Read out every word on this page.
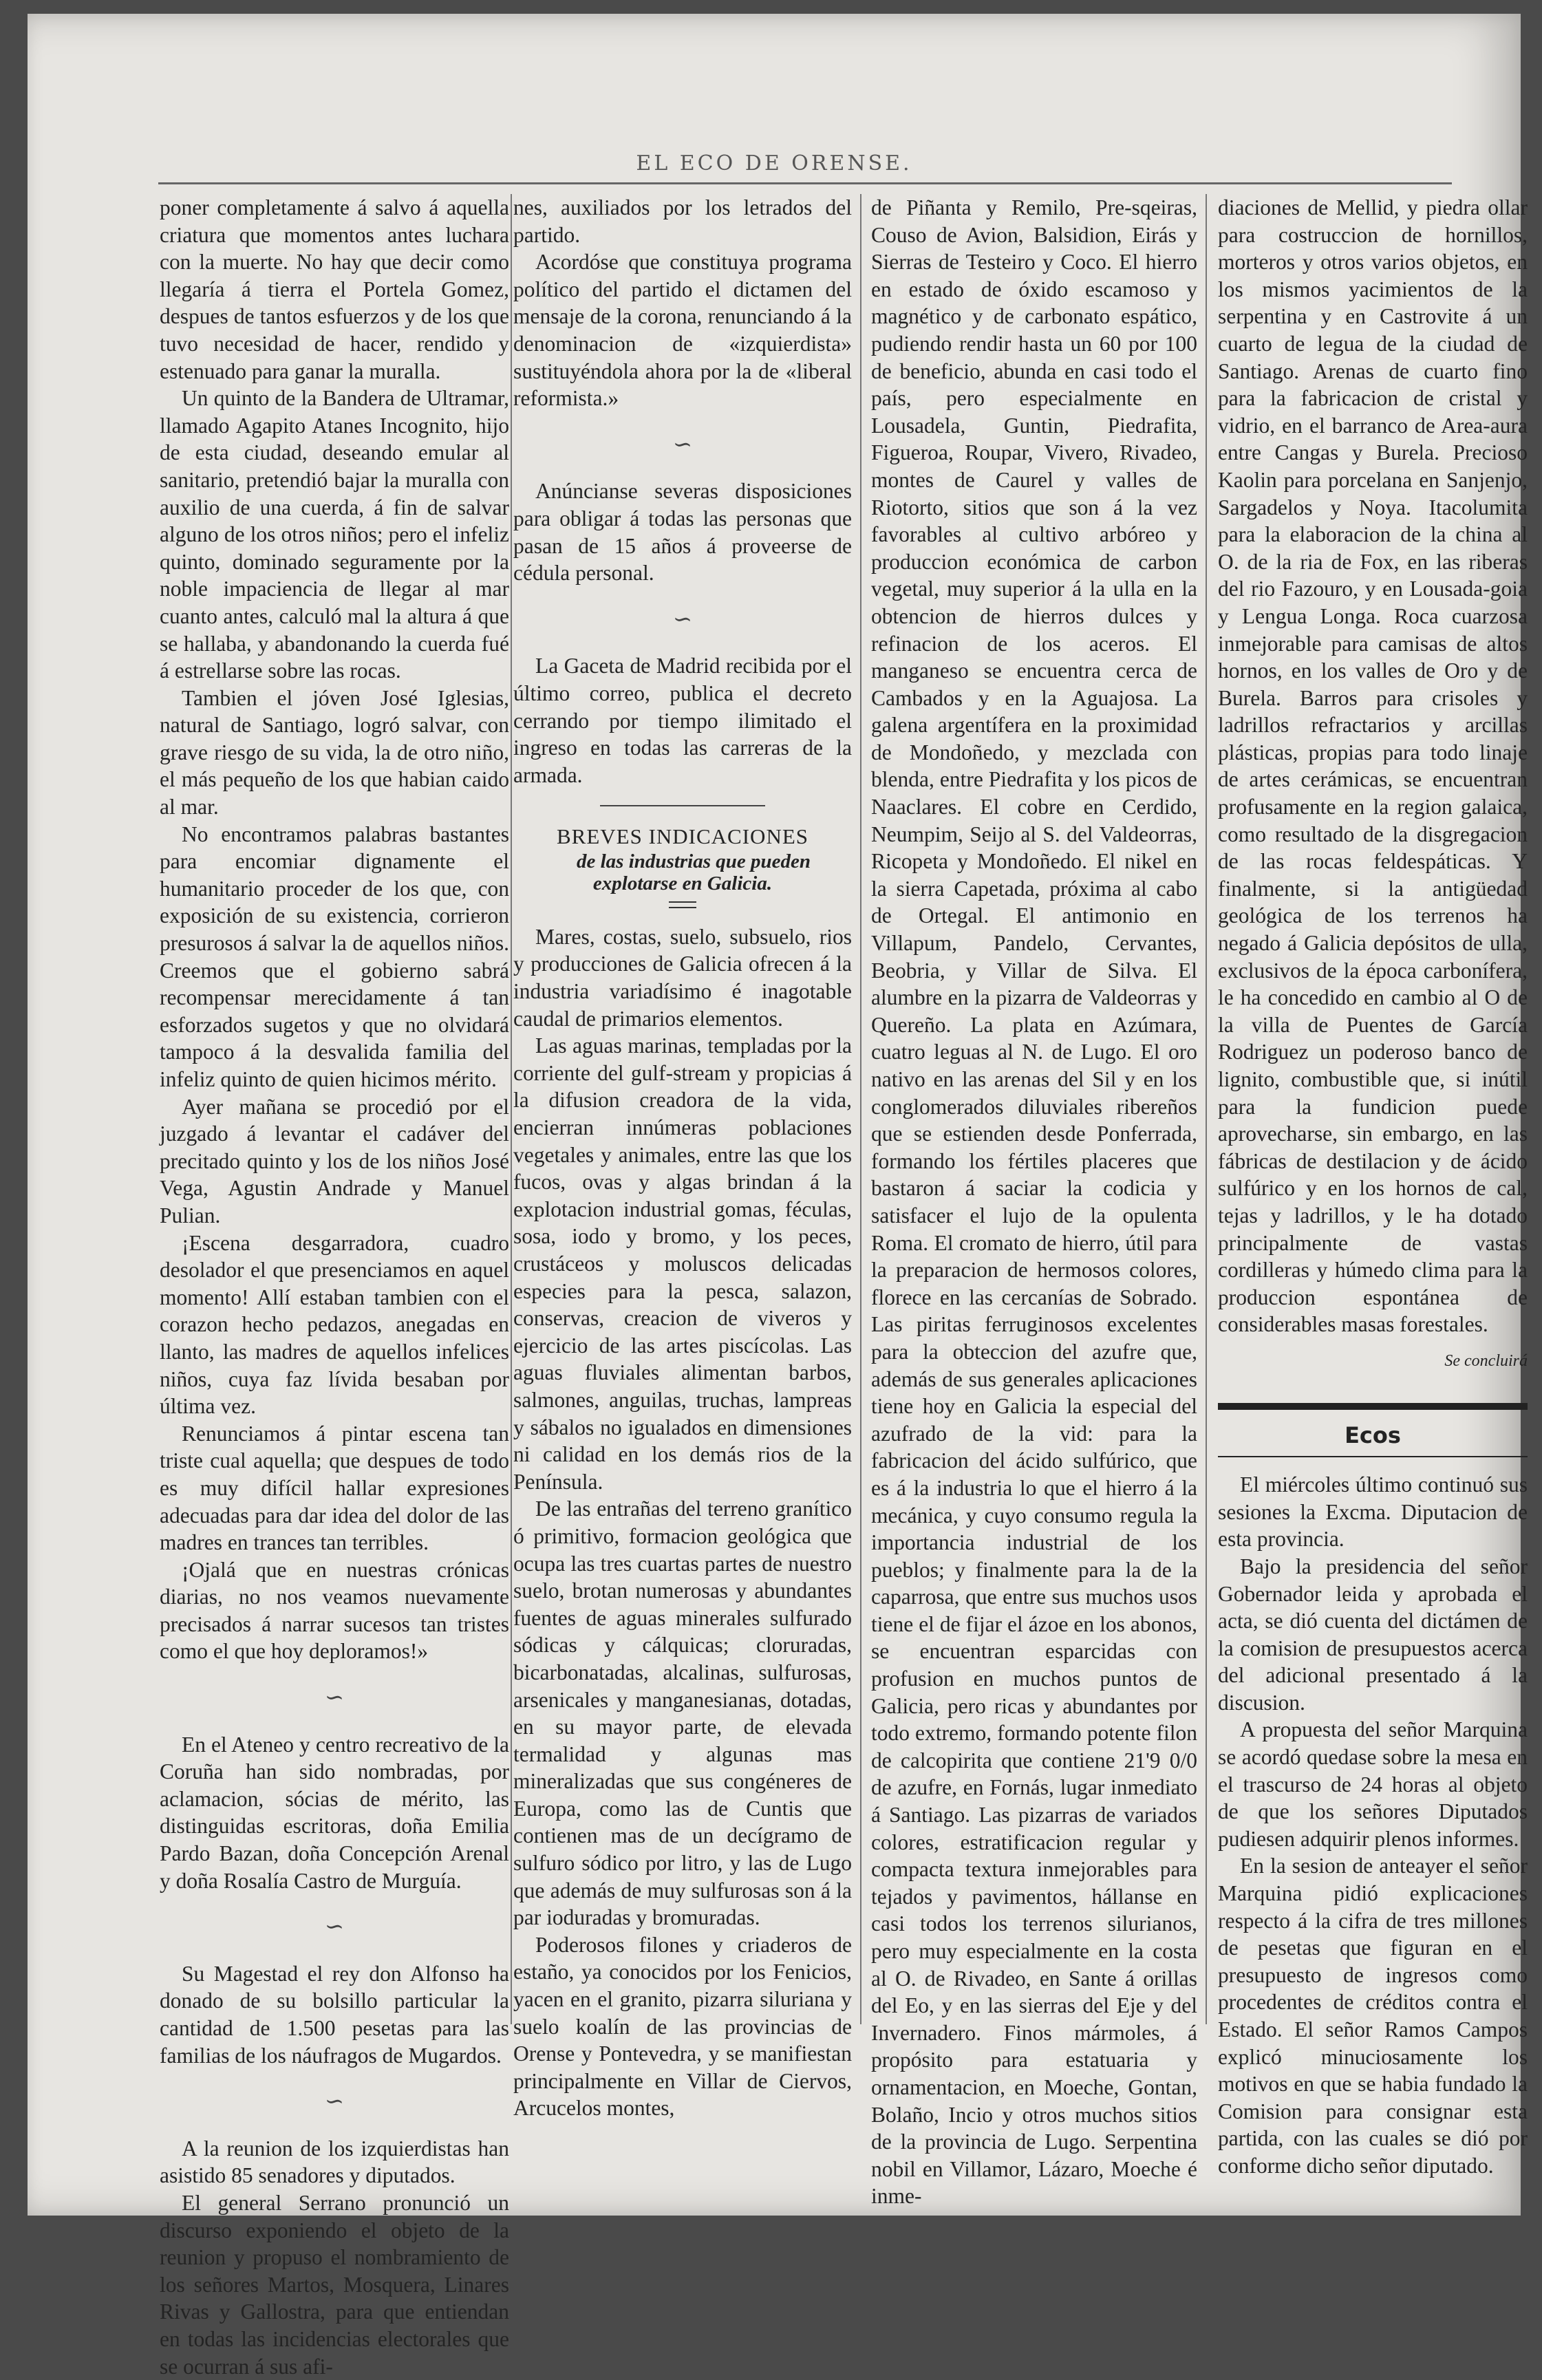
EL ECO DE ORENSE.

poner completamente á salvo á aquella criatura que momentos antes luchara con la muerte. No hay que decir como llegaría á tierra el Portela Gomez, despues de tantos esfuerzos y de los que tuvo necesidad de hacer, rendido y estenuado para ganar la muralla.

Un quinto de la Bandera de Ultramar, llamado Agapito Atanes Incognito, hijo de esta ciudad, deseando emular al sanitario, pretendió bajar la muralla con auxilio de una cuerda, á fin de salvar alguno de los otros niños; pero el infeliz quinto, dominado seguramente por la noble impaciencia de llegar al mar cuanto antes, calculó mal la altura á que se hallaba, y abandonando la cuerda fué á estrellarse sobre las rocas.

Tambien el jóven José Iglesias, natural de Santiago, logró salvar, con grave riesgo de su vida, la de otro niño, el más pequeño de los que habian caido al mar.

No encontramos palabras bastantes para encomiar dignamente el humanitario proceder de los que, con exposición de su existencia, corrieron presurosos á salvar la de aquellos niños. Creemos que el gobierno sabrá recompensar merecidamente á tan esforzados sugetos y que no olvidará tampoco á la desvalida familia del infeliz quinto de quien hicimos mérito.

Ayer mañana se procedió por el juzgado á levantar el cadáver del precitado quinto y los de los niños José Vega, Agustin Andrade y Manuel Pulian.

¡Escena desgarradora, cuadro desolador el que presenciamos en aquel momento! Allí estaban tambien con el corazon hecho pedazos, anegadas en llanto, las madres de aquellos infelices niños, cuya faz lívida besaban por última vez.

Renunciamos á pintar escena tan triste cual aquella; que despues de todo es muy difícil hallar expresiones adecuadas para dar idea del dolor de las madres en trances tan terribles.

¡Ojalá que en nuestras crónicas diarias, no nos veamos nuevamente precisados á narrar sucesos tan tristes como el que hoy deploramos!»

∽

En el Ateneo y centro recreativo de la Coruña han sido nombradas, por aclamacion, sócias de mérito, las distinguidas escritoras, doña Emilia Pardo Bazan, doña Concepción Arenal y doña Rosalía Castro de Murguía.

∽

Su Magestad el rey don Alfonso ha donado de su bolsillo particular la cantidad de 1.500 pesetas para las familias de los náufragos de Mugardos.

∽

A la reunion de los izquierdistas han asistido 85 senadores y diputados.

El general Serrano pronunció un discurso exponiendo el objeto de la reunion y propuso el nombramiento de los señores Martos, Mosquera, Linares Rivas y Gallostra, para que entiendan en todas las incidencias electorales que se ocurran á sus afi-

nes, auxiliados por los letrados del partido.

Acordóse que constituya programa político del partido el dictamen del mensaje de la corona, renunciando á la denominacion de «izquierdista» sustituyéndola ahora por la de «liberal reformista.»

∽

Anúncianse severas disposiciones para obligar á todas las personas que pasan de 15 años á proveerse de cédula personal.

∽

La Gaceta de Madrid recibida por el último correo, publica el decreto cerrando por tiempo ilimitado el ingreso en todas las carreras de la armada.

BREVES INDICACIONES

de las industrias que pueden explotarse en Galicia.

Mares, costas, suelo, subsuelo, rios y producciones de Galicia ofrecen á la industria variadísimo é inagotable caudal de primarios elementos.

Las aguas marinas, templadas por la corriente del gulf-stream y propicias á la difusion creadora de la vida, encierran innúmeras poblaciones vegetales y animales, entre las que los fucos, ovas y algas brindan á la explotacion industrial gomas, féculas, sosa, iodo y bromo, y los peces, crustáceos y moluscos delicadas especies para la pesca, salazon, conservas, creacion de viveros y ejercicio de las artes piscícolas. Las aguas fluviales alimentan barbos, salmones, anguilas, truchas, lampreas y sábalos no igualados en dimensiones ni calidad en los demás rios de la Península.

De las entrañas del terreno granítico ó primitivo, formacion geológica que ocupa las tres cuartas partes de nuestro suelo, brotan numerosas y abundantes fuentes de aguas minerales sulfurado sódicas y cálquicas; cloruradas, bicarbonatadas, alcalinas, sulfurosas, arsenicales y manganesianas, dotadas, en su mayor parte, de elevada termalidad y algunas mas mineralizadas que sus congéneres de Europa, como las de Cuntis que contienen mas de un decígramo de sulfuro sódico por litro, y las de Lugo que además de muy sulfurosas son á la par ioduradas y bromuradas.

Poderosos filones y criaderos de estaño, ya conocidos por los Fenicios, yacen en el granito, pizarra siluriana y suelo koalín de las provincias de Orense y Pontevedra, y se manifiestan principalmente en Villar de Ciervos, Arcucelos montes,

de Piñanta y Remilo, Pre-sqeiras, Couso de Avion, Balsidion, Eirás y Sierras de Testeiro y Coco. El hierro en estado de óxido escamoso y magnético y de carbonato espático, pudiendo rendir hasta un 60 por 100 de beneficio, abunda en casi todo el país, pero especialmente en Lousadela, Guntin, Piedrafita, Figueroa, Roupar, Vivero, Rivadeo, montes de Caurel y valles de Riotorto, sitios que son á la vez favorables al cultivo arbóreo y produccion económica de carbon vegetal, muy superior á la ulla en la obtencion de hierros dulces y refinacion de los aceros. El manganeso se encuentra cerca de Cambados y en la Aguajosa. La galena argentífera en la proximidad de Mondoñedo, y mezclada con blenda, entre Piedrafita y los picos de Naaclares. El cobre en Cerdido, Neumpim, Seijo al S. del Valdeorras, Ricopeta y Mondoñedo. El nikel en la sierra Capetada, próxima al cabo de Ortegal. El antimonio en Villapum, Pandelo, Cervantes, Beobria, y Villar de Silva. El alumbre en la pizarra de Valdeorras y Quereño. La plata en Azúmara, cuatro leguas al N. de Lugo. El oro nativo en las arenas del Sil y en los conglomerados diluviales ribereños que se estienden desde Ponferrada, formando los fértiles placeres que bastaron á saciar la codicia y satisfacer el lujo de la opulenta Roma. El cromato de hierro, útil para la preparacion de hermosos colores, florece en las cercanías de Sobrado. Las piritas ferruginosos excelentes para la obteccion del azufre que, además de sus generales aplicaciones tiene hoy en Galicia la especial del azufrado de la vid: para la fabricacion del ácido sulfúrico, que es á la industria lo que el hierro á la mecánica, y cuyo consumo regula la importancia industrial de los pueblos; y finalmente para la de la caparrosa, que entre sus muchos usos tiene el de fijar el ázoe en los abonos, se encuentran esparcidas con profusion en muchos puntos de Galicia, pero ricas y abundantes por todo extremo, formando potente filon de calcopirita que contiene 21'9 0/0 de azufre, en Fornás, lugar inmediato á Santiago. Las pizarras de variados colores, estratificacion regular y compacta textura inmejorables para tejados y pavimentos, hállanse en casi todos los terrenos silurianos, pero muy especialmente en la costa al O. de Rivadeo, en Sante á orillas del Eo, y en las sierras del Eje y del Invernadero. Finos mármoles, á propósito para estatuaria y ornamentacion, en Moeche, Gontan, Bolaño, Incio y otros muchos sitios de la provincia de Lugo. Serpentina nobil en Villamor, Lázaro, Moeche é inme-

diaciones de Mellid, y piedra ollar para costruccion de hornillos, morteros y otros varios objetos, en los mismos yacimientos de la serpentina y en Castrovite á un cuarto de legua de la ciudad de Santiago. Arenas de cuarto fino para la fabricacion de cristal y vidrio, en el barranco de Area-aura entre Cangas y Burela. Precioso Kaolin para porcelana en Sanjenjo, Sargadelos y Noya. Itacolumita para la elaboracion de la china al O. de la ria de Fox, en las riberas del rio Fazouro, y en Lousada-goia y Lengua Longa. Roca cuarzosa inmejorable para camisas de altos hornos, en los valles de Oro y de Burela. Barros para crisoles y ladrillos refractarios y arcillas plásticas, propias para todo linaje de artes cerámicas, se encuentran profusamente en la region galaica, como resultado de la disgregacion de las rocas feldespáticas. Y finalmente, si la antigüedad geológica de los terrenos ha negado á Galicia depósitos de ulla, exclusivos de la época carbonífera, le ha concedido en cambio al O de la villa de Puentes de García Rodriguez un poderoso banco de lignito, combustible que, si inútil para la fundicion puede aprovecharse, sin embargo, en las fábricas de destilacion y de ácido sulfúrico y en los hornos de cal, tejas y ladrillos, y le ha dotado principalmente de vastas cordilleras y húmedo clima para la produccion espontánea de considerables masas forestales.

Se concluirá
Ecos

El miércoles último continuó sus sesiones la Excma. Diputacion de esta provincia.

Bajo la presidencia del señor Gobernador leida y aprobada el acta, se dió cuenta del dictámen de la comision de presupuestos acerca del adicional presentado á la discusion.

A propuesta del señor Marquina se acordó quedase sobre la mesa en el trascurso de 24 horas al objeto de que los señores Diputados pudiesen adquirir plenos informes.

En la sesion de anteayer el señor Marquina pidió explicaciones respecto á la cifra de tres millones de pesetas que figuran en el presupuesto de ingresos como procedentes de créditos contra el Estado. El señor Ramos Campos explicó minuciosamente los motivos en que se habia fundado la Comision para consignar esta partida, con las cuales se dió por conforme dicho señor diputado.
